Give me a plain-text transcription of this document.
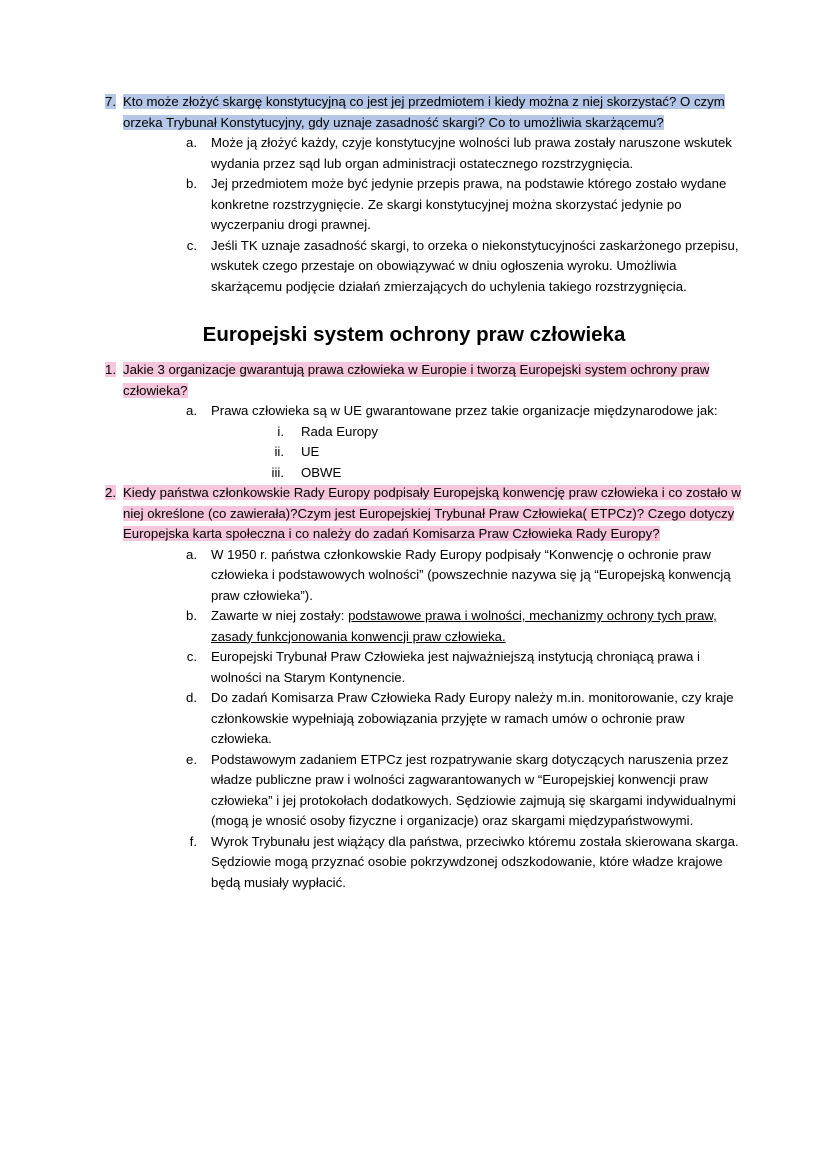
7. Kto może złożyć skargę konstytucyjną co jest jej przedmiotem i kiedy można z niej skorzystać? O czym orzeka Trybunał Konstytucyjny, gdy uznaje zasadność skargi? Co to umożliwia skarżącemu?
a. Może ją złożyć każdy, czyje konstytucyjne wolności lub prawa zostały naruszone wskutek wydania przez sąd lub organ administracji ostatecznego rozstrzygnięcia.
b. Jej przedmiotem może być jedynie przepis prawa, na podstawie którego zostało wydane konkretne rozstrzygnięcie. Ze skargi konstytucyjnej można skorzystać jedynie po wyczerpaniu drogi prawnej.
c. Jeśli TK uznaje zasadność skargi, to orzeka o niekonstytucyjności zaskarżonego przepisu, wskutek czego przestaje on obowiązywać w dniu ogłoszenia wyroku. Umożliwia skarżącemu podjęcie działań zmierzających do uchylenia takiego rozstrzygnięcia.
Europejski system ochrony praw człowieka
1. Jakie 3 organizacje gwarantują prawa człowieka w Europie i tworzą Europejski system ochrony praw człowieka?
a. Prawa człowieka są w UE gwarantowane przez takie organizacje międzynarodowe jak:
i. Rada Europy
ii. UE
iii. OBWE
2. Kiedy państwa członkowskie Rady Europy podpisały Europejską konwencję praw człowieka i co zostało w niej określone (co zawierała)?Czym jest Europejskiej Trybunał Praw Człowieka( ETPCz)? Czego dotyczy Europejska karta społeczna i co należy do zadań Komisarza Praw Człowieka Rady Europy?
a. W 1950 r. państwa członkowskie Rady Europy podpisały “Konwencję o ochronie praw człowieka i podstawowych wolności” (powszechnie nazywa się ją “Europejską konwencją praw człowieka”).
b. Zawarte w niej zostały: podstawowe prawa i wolności, mechanizmy ochrony tych praw, zasady funkcjonowania konwencji praw człowieka.
c. Europejski Trybunał Praw Człowieka jest najważniejszą instytucją chroniącą prawa i wolności na Starym Kontynencie.
d. Do zadań Komisarza Praw Człowieka Rady Europy należy m.in. monitorowanie, czy kraje członkowskie wypełniają zobowiązania przyjęte w ramach umów o ochronie praw człowieka.
e. Podstawowym zadaniem ETPCz jest rozpatrywanie skarg dotyczących naruszenia przez władze publiczne praw i wolności zagwarantowanych w “Europejskiej konwencji praw człowieka” i jej protokołach dodatkowych. Sędziowie zajmują się skargami indywidualnymi (mogą je wnosić osoby fizyczne i organizacje) oraz skargami międzypaństwowymi.
f. Wyrok Trybunału jest wiążący dla państwa, przeciwko któremu została skierowana skarga. Sędziowie mogą przyznać osobie pokrzywdzonej odszkodowanie, które władze krajowe będą musiały wypłacić.
